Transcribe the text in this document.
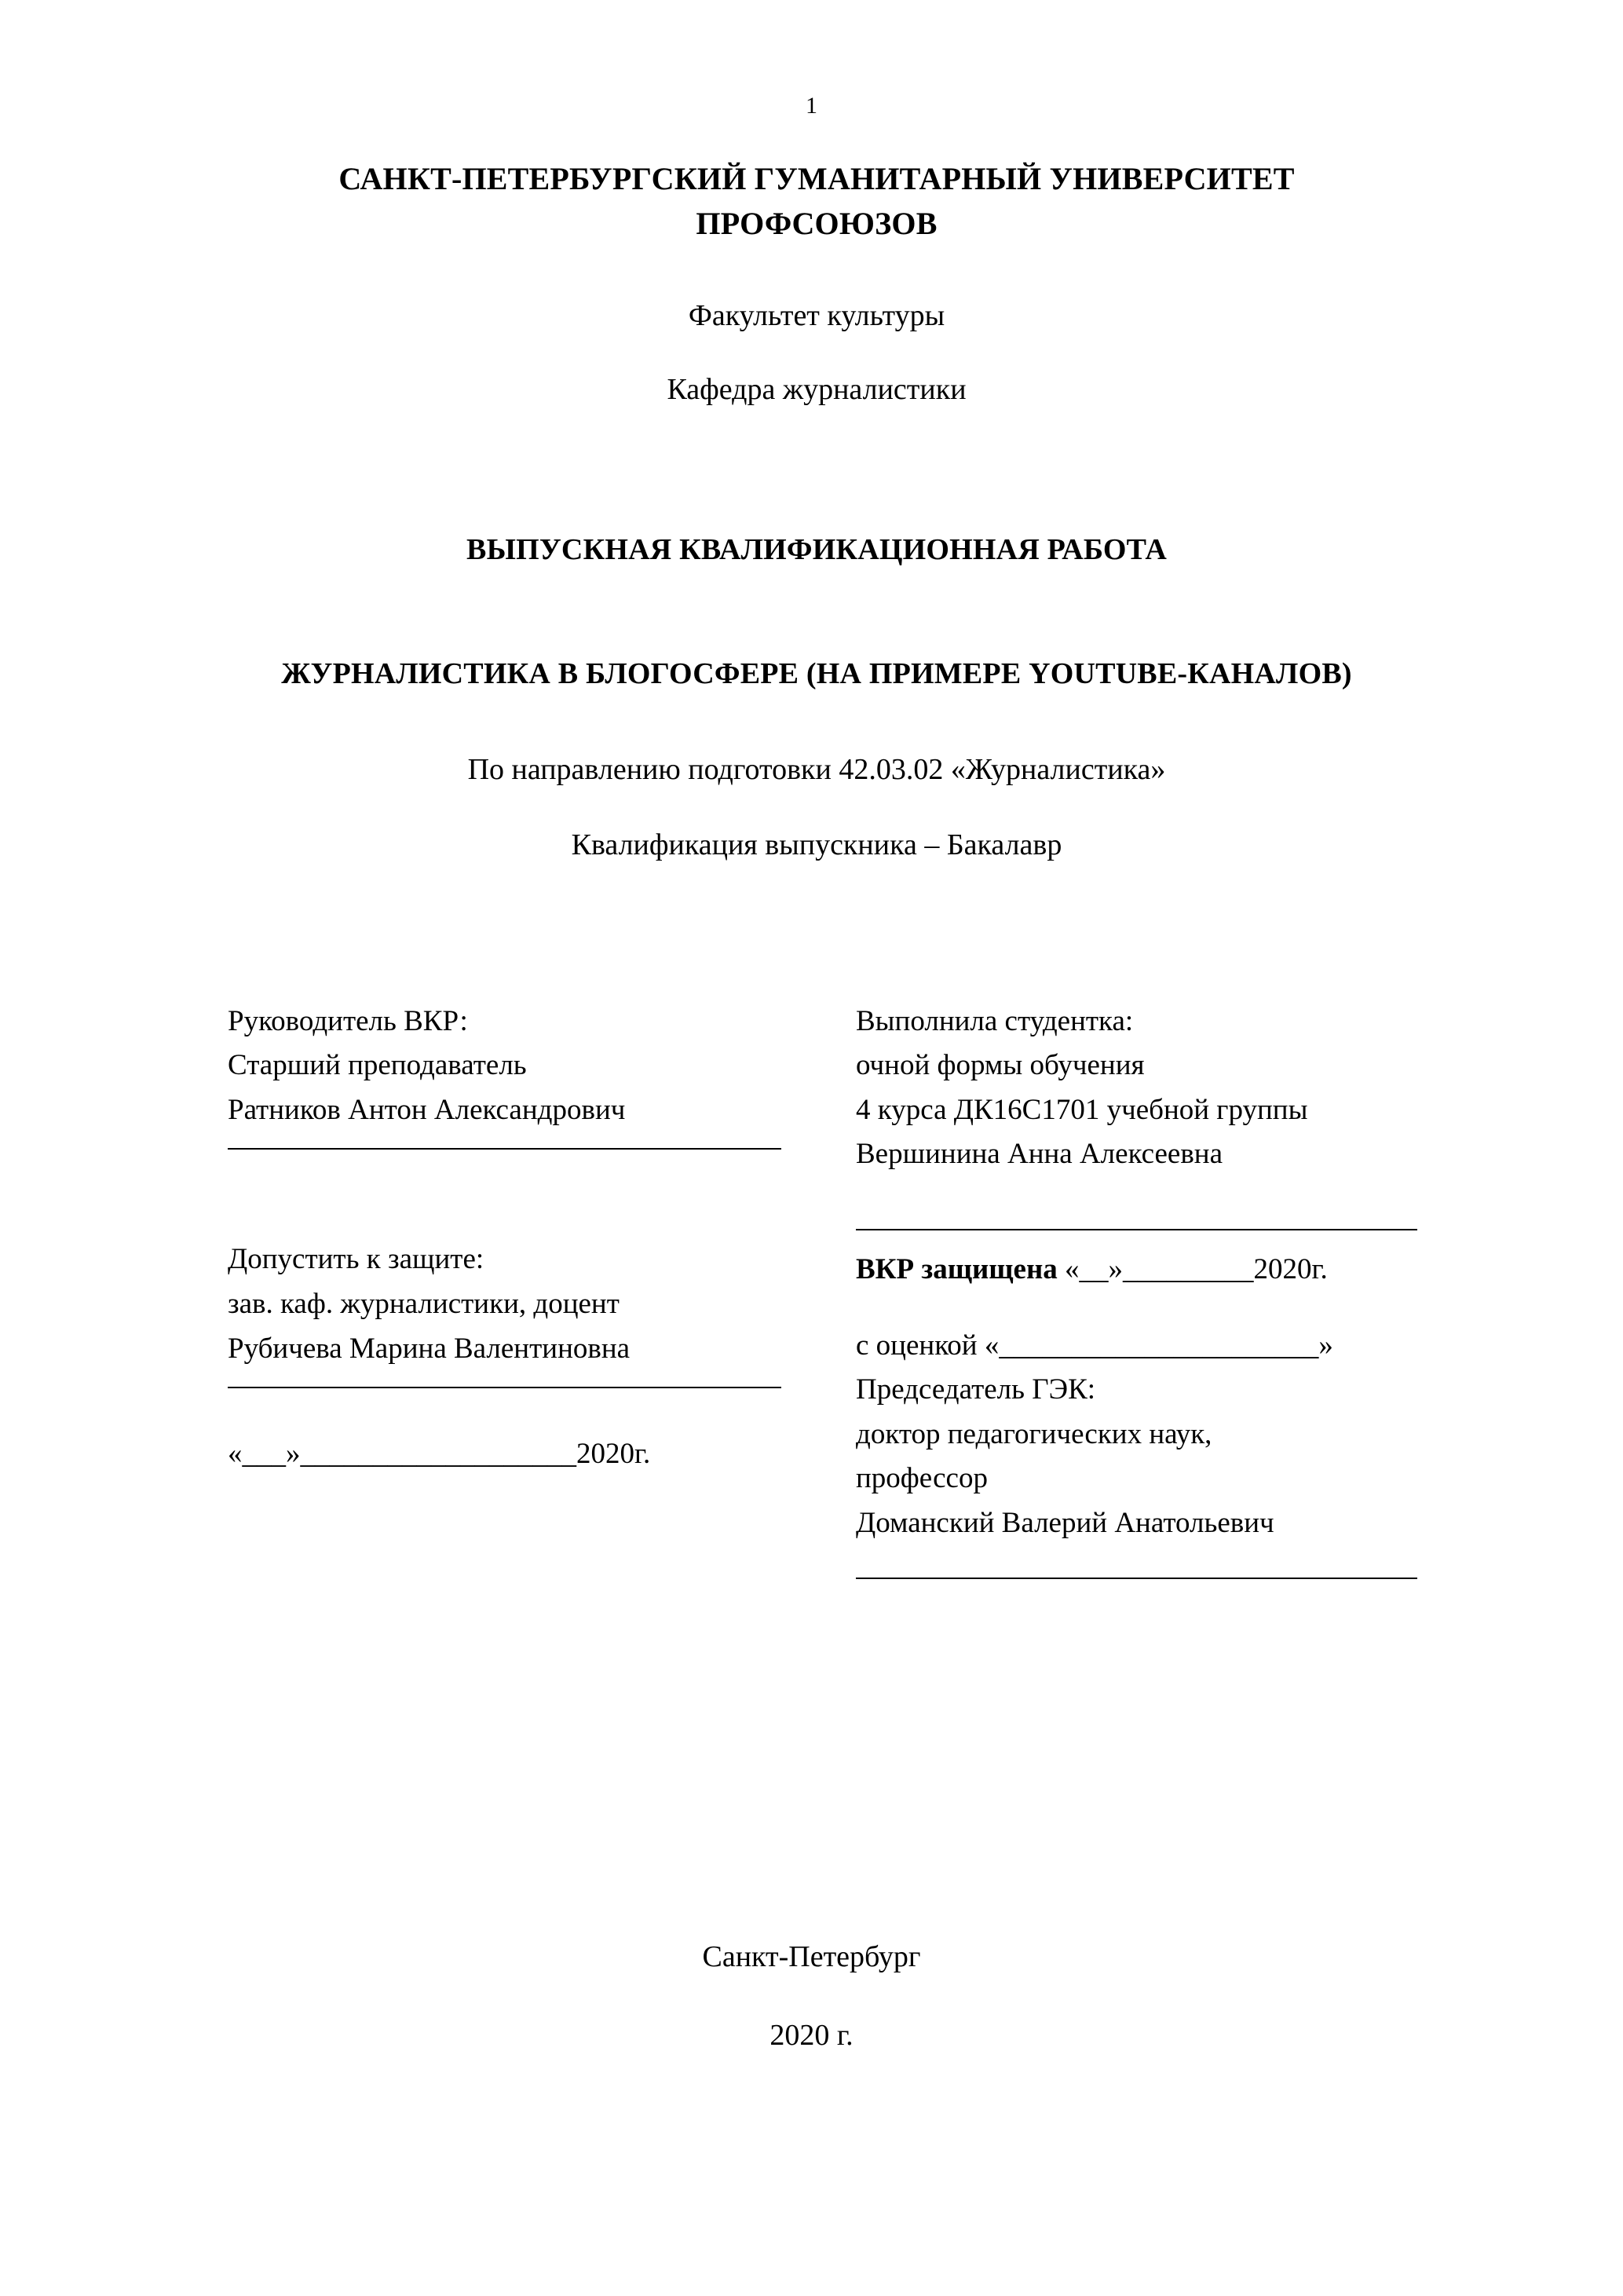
1
САНКТ-ПЕТЕРБУРГСКИЙ ГУМАНИТАРНЫЙ УНИВЕРСИТЕТ ПРОФСОЮЗОВ
Факультет культуры
Кафедра журналистики
ВЫПУСКНАЯ КВАЛИФИКАЦИОННАЯ РАБОТА
ЖУРНАЛИСТИКА В БЛОГОСФЕРЕ (НА ПРИМЕРЕ YOUTUBE-КАНАЛОВ)
По направлению подготовки 42.03.02 «Журналистика»
Квалификация выпускника – Бакалавр
Руководитель ВКР:
Старший преподаватель
Ратников Антон Александрович
Допустить к защите:
зав. каф. журналистики, доцент
Рубичева Марина Валентиновна
«___»___________________2020г.
Выполнила студентка:
очной формы обучения
4 курса ДК16С1701 учебной группы
Вершинина Анна Алексеевна
ВКР защищена «__»_________2020г.
с оценкой «______________________»
Председатель ГЭК:
доктор педагогических наук,
профессор
Доманский Валерий Анатольевич
Санкт-Петербург
2020 г.
